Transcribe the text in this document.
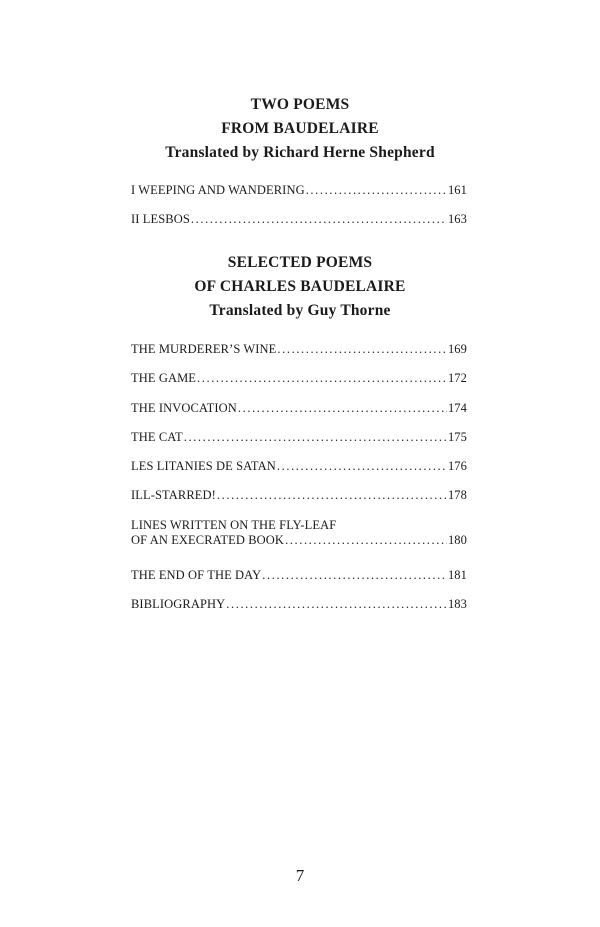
TWO POEMS
FROM BAUDELAIRE
Translated by Richard Herne Shepherd
I WEEPING AND WANDERING .....	161
II LESBOS .....	163
SELECTED POEMS
OF CHARLES BAUDELAIRE
Translated by Guy Thorne
THE MURDERER’S WINE .....	169
THE GAME .....	172
THE INVOCATION .....	174
THE CAT .....	175
LES LITANIES DE SATAN .....	176
ILL-STARRED! .....	178
LINES WRITTEN ON THE FLY-LEAF
OF AN EXECRATED BOOK .....	180
THE END OF THE DAY .....	181
BIBLIOGRAPHY .....	183
7
